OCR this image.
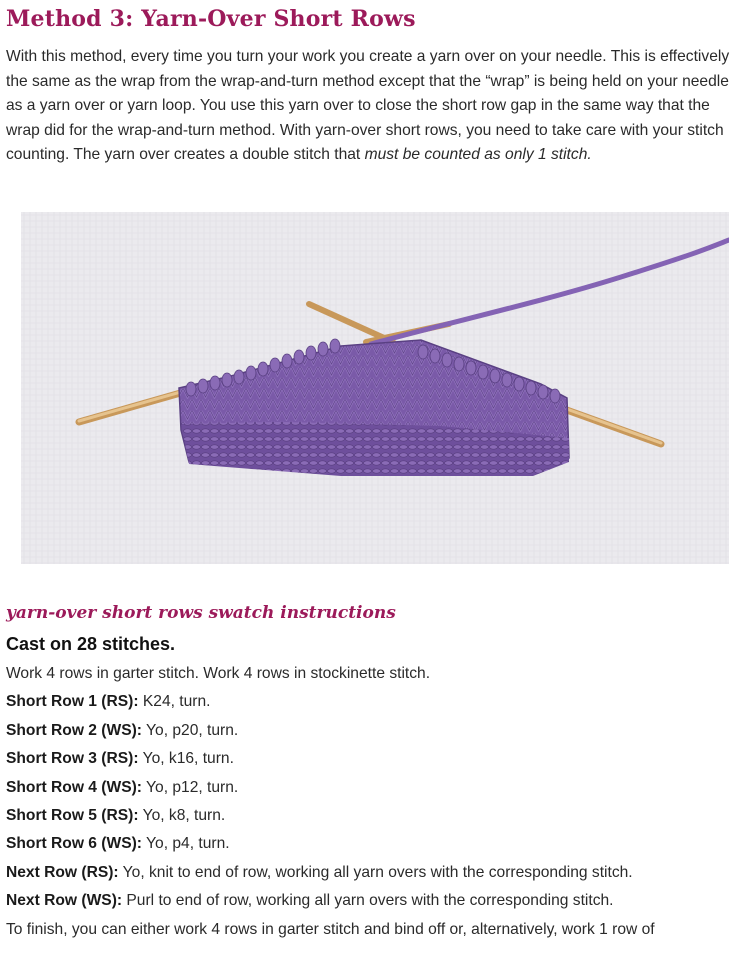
Method 3: Yarn-Over Short Rows

With this method, every time you turn your work you create a yarn over on your needle. This is effectively the same as the wrap from the wrap-and-turn method except that the “wrap” is being held on your needle as a yarn over or yarn loop. You use this yarn over to close the short row gap in the same way that the wrap did for the wrap-and-turn method. With yarn-over short rows, you need to take care with your stitch counting. The yarn over creates a double stitch that must be counted as only 1 stitch.

yarn-over short rows swatch instructions

Cast on 28 stitches.

Work 4 rows in garter stitch. Work 4 rows in stockinette stitch.
Short Row 1 (RS): K24, turn.
Short Row 2 (WS): Yo, p20, turn.
Short Row 3 (RS): Yo, k16, turn.
Short Row 4 (WS): Yo, p12, turn.
Short Row 5 (RS): Yo, k8, turn.
Short Row 6 (WS): Yo, p4, turn.
Next Row (RS): Yo, knit to end of row, working all yarn overs with the corresponding stitch.
Next Row (WS): Purl to end of row, working all yarn overs with the corresponding stitch.
To finish, you can either work 4 rows in garter stitch and bind off or, alternatively, work 1 row of
